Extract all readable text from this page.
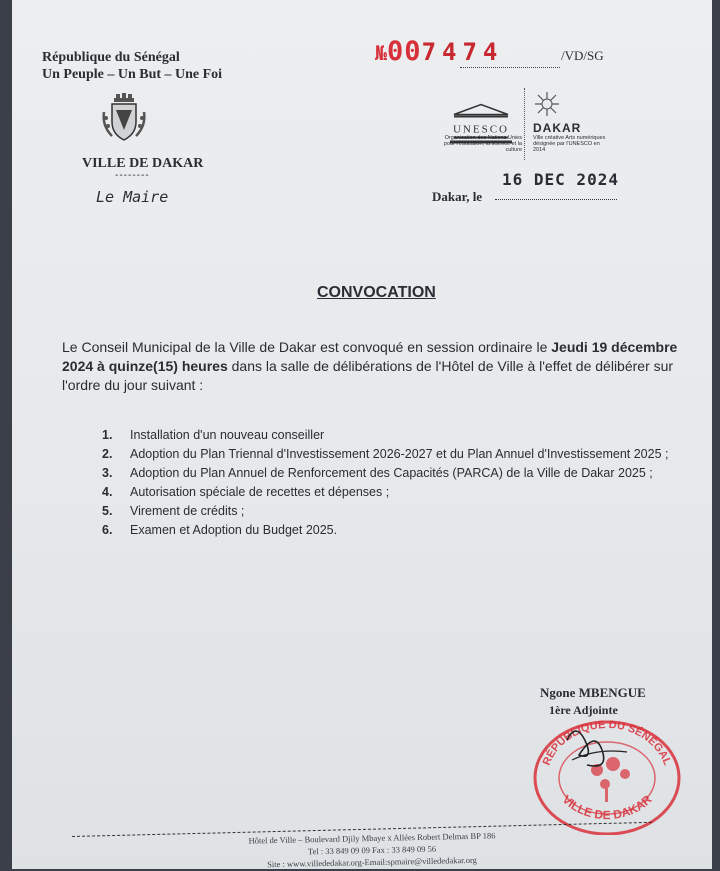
République du Sénégal
Un Peuple – Un But – Une Foi
VILLE DE DAKAR
--------
Le Maire
№007474	/VD/SG
UNESCO
Organisation des Nations Unies pour l'éducation, la science et la culture
DAKAR
Ville créative Arts numériques désignée par l'UNESCO en 2014
16 DEC 2024
Dakar, le
CONVOCATION
Le Conseil Municipal de la Ville de Dakar est convoqué en session ordinaire le Jeudi 19 décembre 2024 à quinze(15) heures dans la salle de délibérations de l'Hôtel de Ville à l'effet de délibérer sur l'ordre du jour suivant :
1.	Installation d'un nouveau conseiller
2.	Adoption du Plan Triennal d'Investissement 2026-2027 et du Plan Annuel d'Investissement 2025 ;
3.	Adoption du Plan Annuel de Renforcement des Capacités (PARCA) de la Ville de Dakar 2025 ;
4.	Autorisation spéciale de recettes et dépenses ;
5.	Virement de crédits ;
6.	Examen et Adoption du Budget 2025.
RÉPUBLIQUE DU SÉNÉGAL
VILLE DE DAKAR
Ngone MBENGUE
1ère Adjointe
Hôtel de Ville – Boulevard Djily Mbaye x Allées Robert Delmas BP 186
Tel : 33 849 09 09 Fax : 33 849 09 56
Site : www.villededakar.org-Email:spmaire@villededakar.org
